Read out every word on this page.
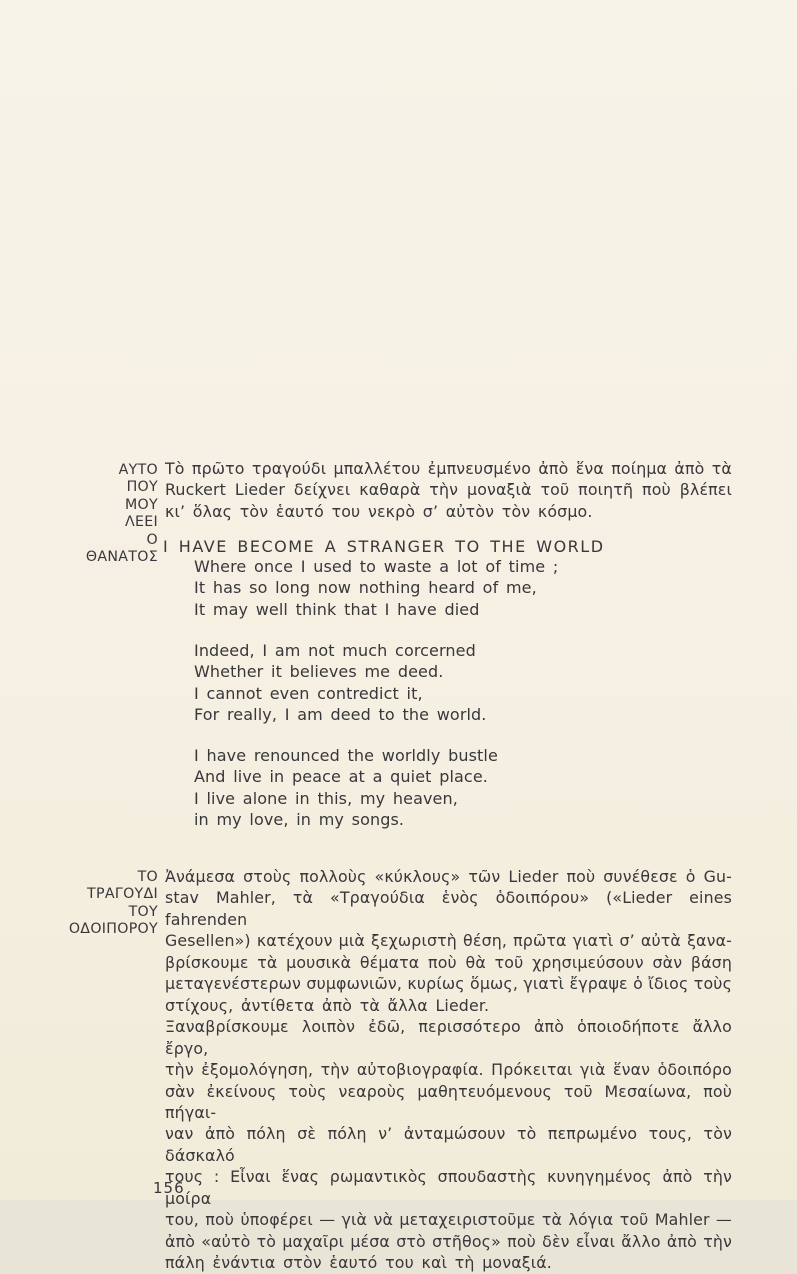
ΑΥΤΟ
ΠΟΥ
ΜΟΥ
ΛΕΕΙ
Ο
ΘΑΝΑΤΟΣ
Τὸ πρῶτο τραγούδι μπαλλέτου ἐμπνευσμένο ἀπὸ ἕνα ποίημα ἀπὸ τὰ
Ruckert Lieder δείχνει καθαρὰ τὴν μοναξιὰ τοῦ ποιητῆ ποὺ βλέπει
κι’ ὅλας τὸν ἑαυτό του νεκρὸ σ’ αὐτὸν τὸν κόσμο.
I HAVE BECOME A STRANGER TO THE WORLD
Where once I used to waste a lot of time ;
It has so long now nothing heard of me,
It may well think that I have died
Indeed, I am not much corcerned
Whether it believes me deed.
I cannot even contredict it,
For really, I am deed to the world.
I have renounced the worldly bustle
And live in peace at a quiet place.
I live alone in this, my heaven,
in my love, in my songs.
ΤΟ
ΤΡΑΓΟΥΔΙ
ΤΟΥ
ΟΔΟΙΠΟΡΟΥ
Ἀνάμεσα στοὺς πολλοὺς «κύκλους» τῶν Lieder ποὺ συνέθεσε ὁ Gu-
stav Mahler, τὰ «Τραγούδια ἑνὸς ὁδοιπόρου» («Lieder eines fahrenden
Gesellen») κατέχουν μιὰ ξεχωριστὴ θέση, πρῶτα γιατὶ σ’ αὐτὰ ξανα-
βρίσκουμε τὰ μουσικὰ θέματα ποὺ θὰ τοῦ χρησιμεύσουν σὰν βάση
μεταγενέστερων συμφωνιῶν, κυρίως ὅμως, γιατὶ ἔγραψε ὁ ἴδιος τοὺς
στίχους, ἀντίθετα ἀπὸ τὰ ἄλλα Lieder.
Ξαναβρίσκουμε λοιπὸν ἐδῶ, περισσότερο ἀπὸ ὁποιοδήποτε ἄλλο ἔργο,
τὴν ἐξομολόγηση, τὴν αὐτοβιογραφία. Πρόκειται γιὰ ἕναν ὁδοιπόρο
σὰν ἐκείνους τοὺς νεαροὺς μαθητευόμενους τοῦ Μεσαίωνα, ποὺ πήγαι-
ναν ἀπὸ πόλη σὲ πόλη ν’ ἀνταμώσουν τὸ πεπρωμένο τους, τὸν δάσκαλό
τους : Εἶναι ἕνας ρωμαντικὸς σπουδαστὴς κυνηγημένος ἀπὸ τὴν μοίρα
του, ποὺ ὑποφέρει — γιὰ νὰ μεταχειριστοῦμε τὰ λόγια τοῦ Mahler —
ἀπὸ «αὐτὸ τὸ μαχαῖρι μέσα στὸ στῆθος» ποὺ δὲν εἶναι ἄλλο ἀπὸ τὴν
πάλη ἐνάντια στὸν ἑαυτό του καὶ τὴ μοναξιά.
156
